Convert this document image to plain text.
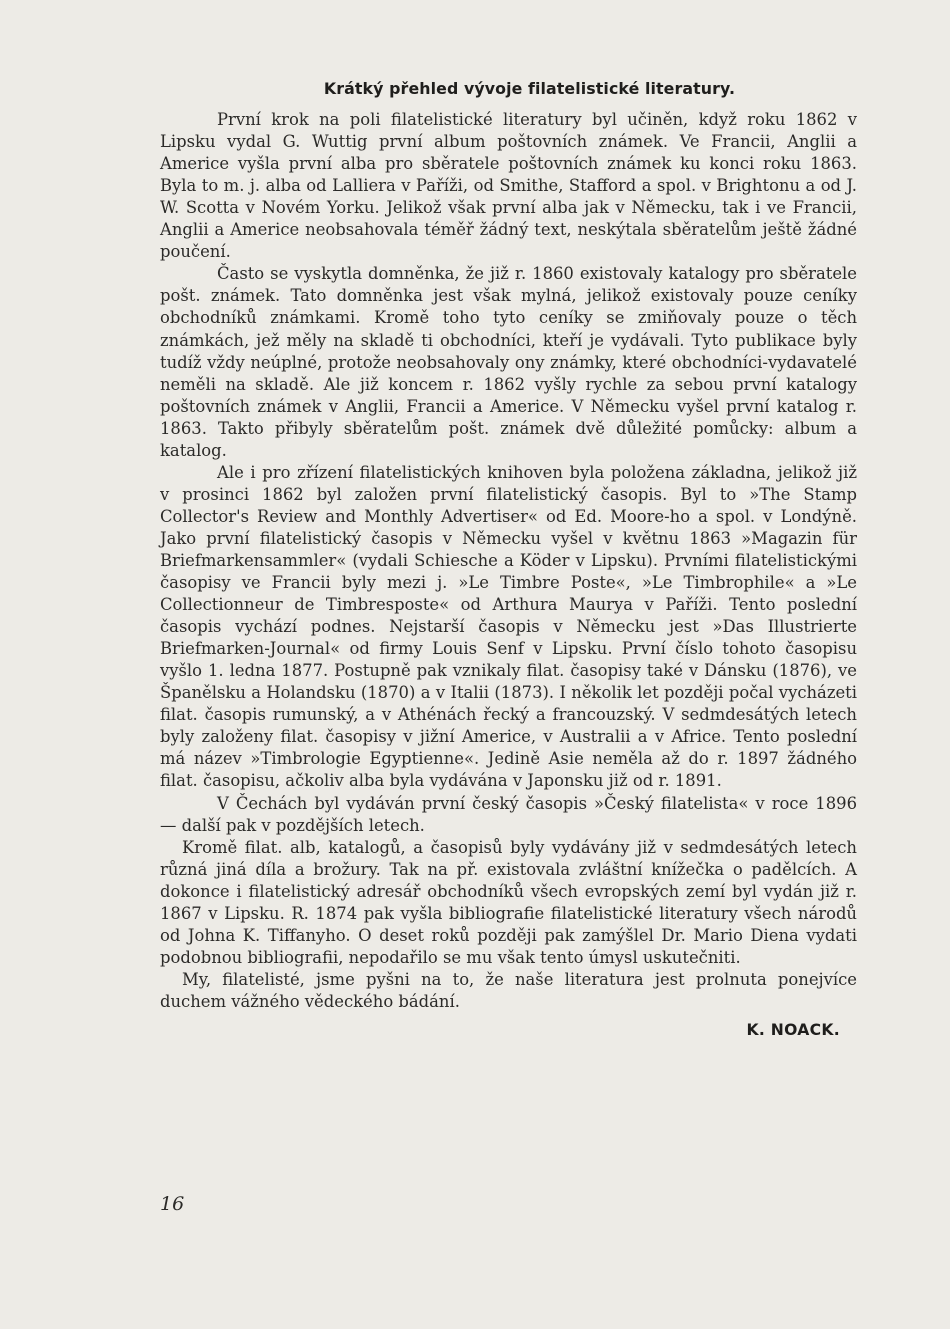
Krátký přehled vývoje filatelistické literatury.

První krok na poli filatelistické literatury byl učiněn, když roku 1862 v Lipsku vydal G. Wuttig první album poštovních známek. Ve Francii, Anglii a Americe vyšla první alba pro sběratele poštovních známek ku konci roku 1863. Byla to m. j. alba od Lalliera v Paříži, od Smithe, Stafford a spol. v Brightonu a od J. W. Scotta v Novém Yorku. Jelikož však první alba jak v Německu, tak i ve Francii, Anglii a Americe neobsahovala téměř žádný text, neskýtala sběratelům ještě žádné poučení.

Často se vyskytla domněnka, že již r. 1860 existovaly katalogy pro sběratele pošt. známek. Tato domněnka jest však mylná, jelikož existovaly pouze ceníky obchodníků známkami. Kromě toho tyto ceníky se zmiňovaly pouze o těch známkách, jež měly na skladě ti obchodníci, kteří je vydávali. Tyto publikace byly tudíž vždy neúplné, protože neobsahovaly ony známky, které obchodníci-vydavatelé neměli na skladě. Ale již koncem r. 1862 vyšly rychle za sebou první katalogy poštovních známek v Anglii, Francii a Americe. V Německu vyšel první katalog r. 1863. Takto přibyly sběratelům pošt. známek dvě důležité pomůcky: album a katalog.

Ale i pro zřízení filatelistických knihoven byla položena základna, jelikož již v prosinci 1862 byl založen první filatelistický časopis. Byl to »The Stamp Collector's Review and Monthly Advertiser« od Ed. Moore-ho a spol. v Londýně. Jako první filatelistický časopis v Německu vyšel v květnu 1863 »Magazin für Briefmarkensammler« (vydali Schiesche a Köder v Lipsku). Prvními filatelistickými časopisy ve Francii byly mezi j. »Le Timbre Poste«, »Le Timbrophile« a »Le Collectionneur de Timbresposte« od Arthura Maurya v Paříži. Tento poslední časopis vychází podnes. Nejstarší časopis v Německu jest »Das Illustrierte Briefmarken-Journal« od firmy Louis Senf v Lipsku. První číslo tohoto časopisu vyšlo 1. ledna 1877. Postupně pak vznikaly filat. časopisy také v Dánsku (1876), ve Španělsku a Holandsku (1870) a v Italii (1873). I několik let později počal vycházeti filat. časopis rumunský, a v Athénách řecký a francouzský. V sedmdesátých letech byly založeny filat. časopisy v jižní Americe, v Australii a v Africe. Tento poslední má název »Timbrologie Egyptienne«. Jedině Asie neměla až do r. 1897 žádného filat. časopisu, ačkoliv alba byla vydávána v Japonsku již od r. 1891.

V Čechách byl vydáván první český časopis »Český filatelista« v roce 1896 — další pak v pozdějších letech.

Kromě filat. alb, katalogů, a časopisů byly vydávány již v sedmdesátých letech různá jiná díla a brožury. Tak na př. existovala zvláštní knížečka o padělcích. A dokonce i filatelistický adresář obchodníků všech evropských zemí byl vydán již r. 1867 v Lipsku. R. 1874 pak vyšla bibliografie filatelistické literatury všech národů od Johna K. Tiffanyho. O deset roků později pak zamýšlel Dr. Mario Diena vydati podobnou bibliografii, nepodařilo se mu však tento úmysl uskutečniti.

My, filatelisté, jsme pyšni na to, že naše literatura jest prolnuta ponejvíce duchem vážného vědeckého bádání.

K. NOACK.

16
